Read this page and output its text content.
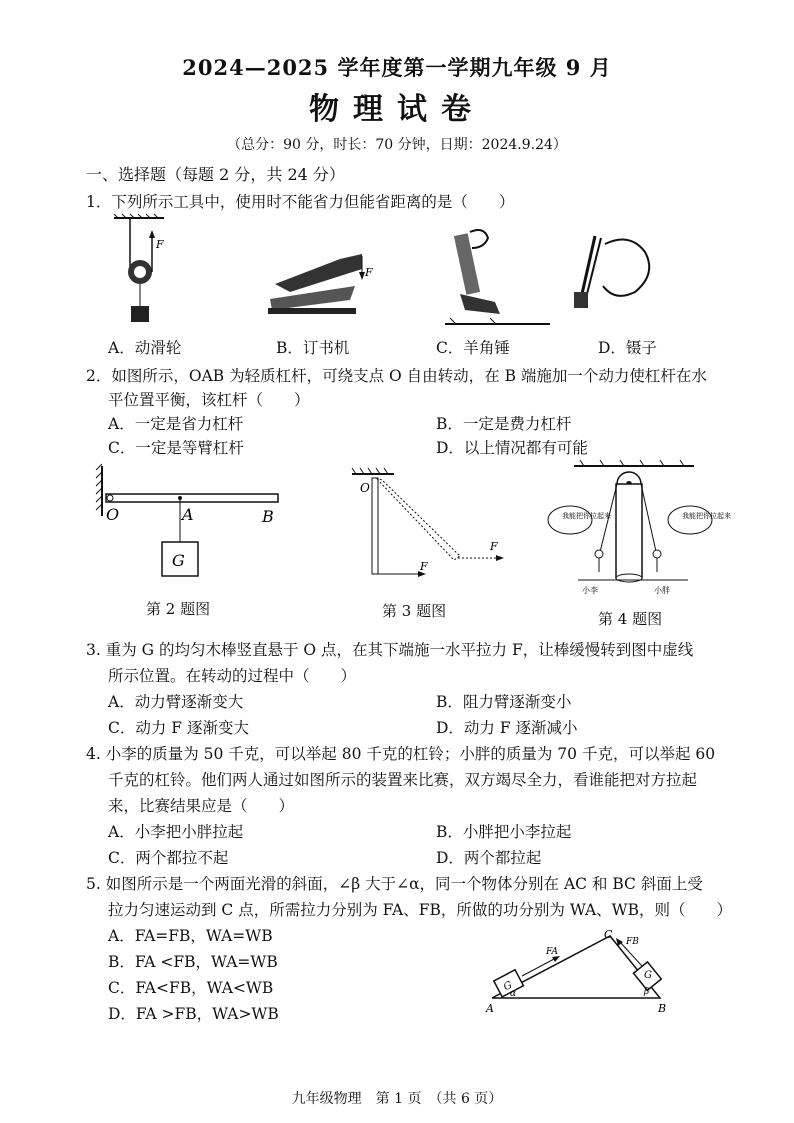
2024—2025 学年度第一学期九年级 9 月
物理试卷
（总分：90 分，时长：70 分钟，日期：2024.9.24）
一、选择题（每题 2 分，共 24 分）
1．下列所示工具中，使用时不能省力但能省距离的是（　　）
F
F
A．动滑轮	B．订书机	C．羊角锤	D．镊子
2．如图所示，OAB 为轻质杠杆，可绕支点 O 自由转动，在 B 端施加一个动力使杠杆在水
平位置平衡，该杠杆（　　）
A．一定是省力杠杆	B．一定是费力杠杆
C．一定是等臂杠杆	D．以上情况都有可能
G
O	A	B
F
F
O
我能把你拉起来	我能把你拉起来
小李	小胖
第 2 题图	第 3 题图	第 4 题图
3. 重为 G 的均匀木棒竖直悬于 O 点，在其下端施一水平拉力 F，让棒缓慢转到图中虚线
所示位置。在转动的过程中（　　）
A．动力臂逐渐变大	B．阻力臂逐渐变小
C．动力 F 逐渐变大	D．动力 F 逐渐减小
4. 小李的质量为 50 千克，可以举起 80 千克的杠铃；小胖的质量为 70 千克，可以举起 60
千克的杠铃。他们两人通过如图所示的装置来比赛，双方竭尽全力，看谁能把对方拉起
来，比赛结果应是（　　）
A．小李把小胖拉起	B．小胖把小李拉起
C．两个都拉不起	D．两个都拉起
5. 如图所示是一个两面光滑的斜面，∠β 大于∠α，同一个物体分别在 AC 和 BC 斜面上受
拉力匀速运动到 C 点，所需拉力分别为 FA、FB，所做的功分别为 WA、WB，则（　　）
A．FA=FB，WA=WB
B．FA <FB，WA=WB
C．FA<FB，WA<WB
D．FA >FB，WA>WB
G
FA
G
FB
A	B
C
α	β
九年级物理　第 1 页　（共 6 页）
